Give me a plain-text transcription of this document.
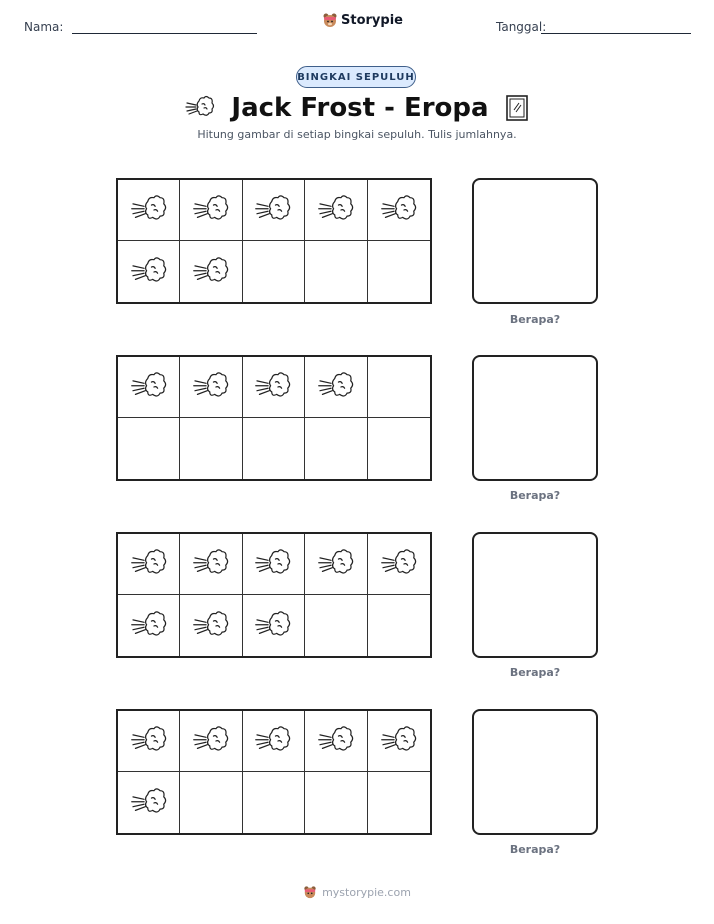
Nama:	Storypie	Tanggal:
BINGKAI SEPULUH
Jack Frost - Eropa
Hitung gambar di setiap bingkai sepuluh. Tulis jumlahnya.
Berapa?
Berapa?
Berapa?
Berapa?
mystorypie.com
